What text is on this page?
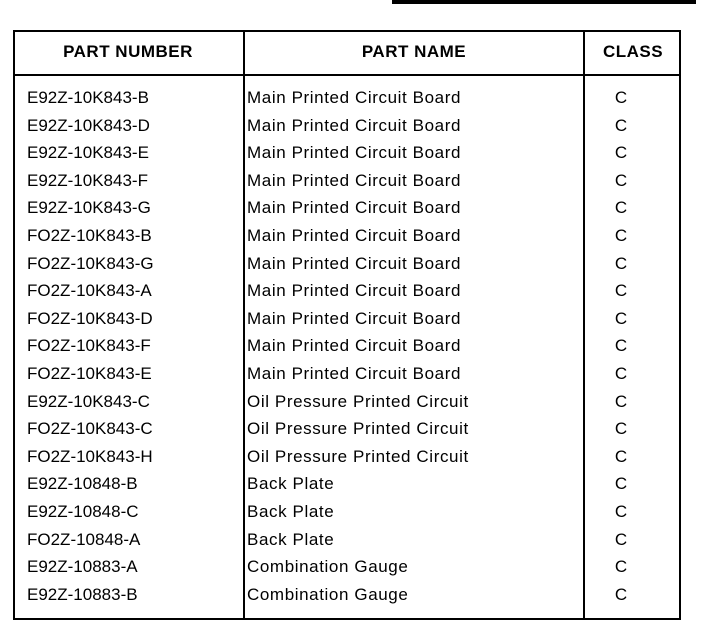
PART NUMBER	PART NAME	CLASS
E92Z-10K843-B	Main Printed Circuit Board	C
E92Z-10K843-D	Main Printed Circuit Board	C
E92Z-10K843-E	Main Printed Circuit Board	C
E92Z-10K843-F	Main Printed Circuit Board	C
E92Z-10K843-G	Main Printed Circuit Board	C
FO2Z-10K843-B	Main Printed Circuit Board	C
FO2Z-10K843-G	Main Printed Circuit Board	C
FO2Z-10K843-A	Main Printed Circuit Board	C
FO2Z-10K843-D	Main Printed Circuit Board	C
FO2Z-10K843-F	Main Printed Circuit Board	C
FO2Z-10K843-E	Main Printed Circuit Board	C
E92Z-10K843-C	Oil Pressure Printed Circuit	C
FO2Z-10K843-C	Oil Pressure Printed Circuit	C
FO2Z-10K843-H	Oil Pressure Printed Circuit	C
E92Z-10848-B	Back Plate	C
E92Z-10848-C	Back Plate	C
FO2Z-10848-A	Back Plate	C
E92Z-10883-A	Combination Gauge	C
E92Z-10883-B	Combination Gauge	C
